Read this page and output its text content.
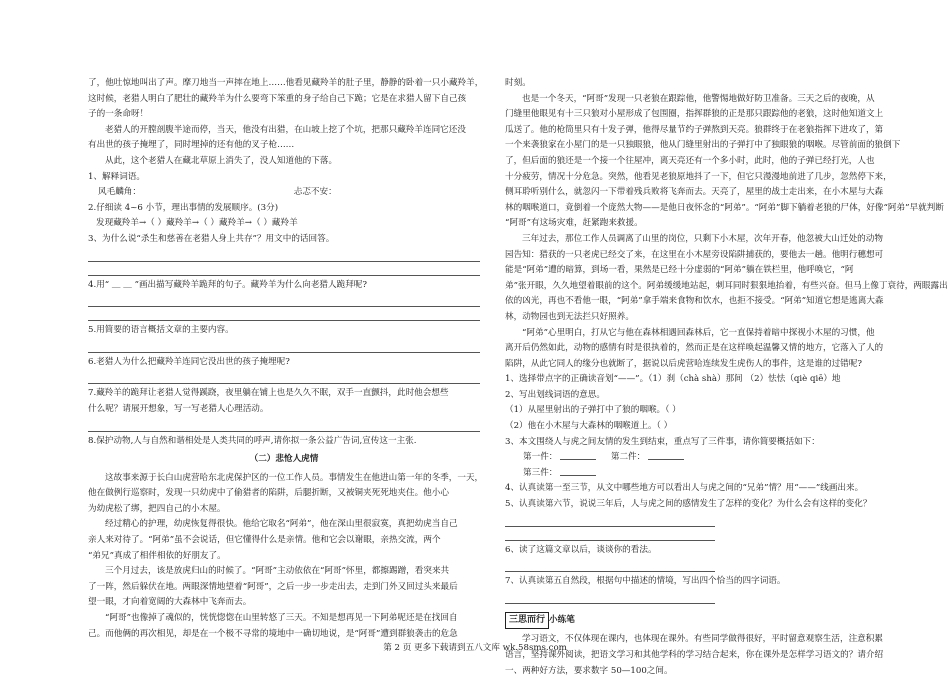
了，他吐惊地叫出了声。摩刀地当一声摔在地上……他看见藏羚羊的肚子里，静静的卧着一只小藏羚羊，

这时候，老猎人明白了肥壮的藏羚羊为什么要弯下笨重的身子给自己下跪；它是在求猎人留下自己孩

子的一条命呀！

老猎人的开膛剖腹半途而停，当天，他没有出猎，在山坡上挖了个坑，把那只藏羚羊连同它还没

有出世的孩子掩埋了，同时埋掉的还有他的叉子枪……

从此，这个老猎人在藏北草原上消失了，没人知道他的下落。

1、解释词语。

风毛麟角：	忐忑不安：

2.仔细读 4~6 小节，理出事情的发展顺序。(3分)

发现藏羚羊→（ ）藏羚羊→（ ）藏羚羊→（ ）藏羚羊

3、为什么说“杀生和慈善在老猎人身上共存”？用文中的话回答。

4.用“ ＿ ＿ ”画出描写藏羚羊跪拜的句子。藏羚羊为什么向老猎人跪拜呢?

5.用简要的语言概括文章的主要内容。

6.老猎人为什么把藏羚羊连同它没出世的孩子掩埋呢?

7.藏羚羊的跪拜让老猎人觉得蹊跷，夜里躺在铺上也是久久不眠，双手一直颤抖，此时他会想些

什么呢？请展开想象，写一写老猎人心理活动。

8.保护动物,人与自然和谐相处是人类共同的呼声,请你拟一条公益广告词,宣传这一主张.

（二）悲怆人虎情

这故事来源于长白山虎营哈东北虎保护区的一位工作人员。事情发生在他进山第一年的冬季，一天，

他在做例行巡察时，发现一只幼虎中了偷猎者的陷阱，后腿折断，又被铜夹死死地夹住。他小心

为幼虎松了绑，把四自己的小木屋。

经过精心的护理，幼虎恢复得很快。他给它取名“阿弟”，他在深山里很寂寞，真把幼虎当自己

亲人来对待了。“阿弟”虽不会说话，但它懂得什么是亲情。他和它会以谢眼，亲热交流，两个

“弟兄”真成了相伴相依的好朋友了。

三个月过去，该是放虎归山的时候了。“阿哥”主动依依在“阿哥”怀里，都擦踢蹭，看突来共

了一阵，然后躲伏在地。两眼深情地望着“阿哥”，之后一步一步走出去，走到门外又回过头来最后

望一眼，才向着宽阔的大森林中飞奔而去。

“阿哥”也像掉了魂似的，恍恍惚惚在山里转悠了三天。不知是想再见一下阿弟呢还是在找回自

己。而他俩的再次相见，却是在一个极不寻常的境地中一确切地说，是“阿哥”遭到群狼袭击的危急

时刻。

也是一个冬天，“阿哥”发现一只老狼在跟踪他，他警惕地做好防卫准备。三天之后的夜晚，从

门缝里他眼见有十三只狼对小屋形成了包围圈，指挥群狼的正是那只跟踪他的老狼，这时他知道文上

瓜送了。他的枪筒里只有十发子弹，他得尽量节约子弹熬到天亮。狼群终于在老狼指挥下进攻了，第

一个来袭狼家在小屋门的是一只独眼狼，他从门缝里射出的子弹打中了独眼狼的咽喉。尽管前面的狼倒下

了，但后面的狼还是一个接一个往屋冲，离天亮还有一个多小时，此时，他的子弹已经打光，人也

十分疲劳，情况十分危急。突然，他看见老狼原地抖了一下，但它只漫漫地前进了几步，忽然停下来，

侧耳聆听别什么，就忽闪一下带着残兵败将飞奔而去。天亮了，屋里的战士走出来，在小木屋与大森

林的咽喉道口，竟倒着一个庞然大物——是他日夜怀念的“阿弟”。“阿弟”脚下躺着老狼的尸体，好像“阿弟”早就判断

“阿哥”有这场灾难，赶紧跑来救援。

三年过去，那位工作人员调离了山里的岗位，只剩下小木屋，次年开春，他忽被大山迁处的动物

园告知：猎获的一只老虎已经交了来，在这里在小木屋旁设陷阱捕获的，要他去一趟。他明行穗想可

能是“阿弟”遭的暗算，到场一看，果然是已经十分虚弱的“阿弟”躺在铁栏里，他呼唤它，“阿

弟”张开眼，久久地望着眼前的这个。阿弟缓缓地站起，刺耳同时狠狠地抬着，有些兴奋。但马上像丁衰待，两眼露出

依的凶光，再也不看他一眼，“阿弟”拿手端来食物和饮水，也拒不接受。“阿弟”知道它想是逃离大森

林，动物园也到无法拦只好照养。

“阿弟”心里明白，打从它与他在森林相遇回森林后，它一直保持着暗中探视小木屋的习惯，他

离开后仍然如此，动物的感情有时是很执着的，然而正是在这样唤起温馨又情的地方，它落入了人的

陷阱，从此它同人的缘分也就断了，据说以后虎营哈连续发生虎伤人的事件，这是谁的过错呢?

1、选择带点字的正确读音划“——”。（1）刹（chà shà）那间 （2）怯怯（qiè qiē）地

2、写出划线词语的意思。

（1）从屋里射出的子弹打中了狼的咽喉。（ ）

（2）他在小木屋与大森林的咽喉道上。（ ）

3、本文围绕人与虎之间友情的发生到结束，重点写了三件事，请你简要概括如下：

第一件：	第二件：

第三件：

4、认真读第一至三节，从文中哪些地方可以看出人与虎之间的“兄弟”情？用“——”线画出来。

5、认真读第六节，说说三年后，人与虎之间的感情发生了怎样的变化？为什么会有这样的变化？

6、读了这篇文章以后，谈谈你的看法。

7、认真读第五自然段，根据句中描述的情境，写出四个恰当的四字词语。

三思而行 小练笔

学习语文，不仅体现在课内，也体现在课外。有些同学做得很好，平时留意观察生活，注意积累

语言，坚持课外阅读，把语文学习和其他学科的学习结合起来，你在课外是怎样学习语文的？请介绍

一、两种好方法，要求数字 50—100之间。

第 2 页 更多下载请到五八文库 wk.58sms.com
